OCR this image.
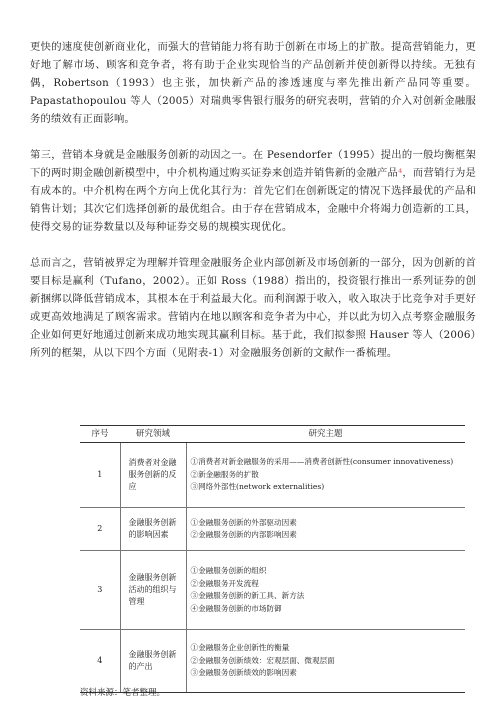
更快的速度使创新商业化，而强大的营销能力将有助于创新在市场上的扩散。提高营销能力，更好地了解市场、顾客和竞争者，将有助于企业实现恰当的产品创新并使创新得以持续。无独有偶，Robertson（1993）也主张，加快新产品的渗透速度与率先推出新产品同等重要。Papastathopoulou 等人（2005）对瑞典零售银行服务的研究表明，营销的介入对创新金融服务的绩效有正面影响。

第三，营销本身就是金融服务创新的动因之一。在 Pesendorfer（1995）提出的一般均衡框架下的两时期金融创新模型中，中介机构通过购买证券来创造并销售新的金融产品⁴，而营销行为是有成本的。中介机构在两个方向上优化其行为：首先它们在创新既定的情况下选择最优的产品和销售计划；其次它们选择创新的最优组合。由于存在营销成本，金融中介将竭力创造新的工具，使得交易的证券数量以及每种证券交易的规模实现优化。

总而言之，营销被界定为理解并管理金融服务企业内部创新及市场创新的一部分，因为创新的首要目标是赢利（Tufano，2002）。正如 Ross（1988）指出的，投资银行推出一系列证券的创新捆绑以降低营销成本，其根本在于利益最大化。而利润源于收入，收入取决于比竞争对手更好或更高效地满足了顾客需求。营销内在地以顾客和竞争者为中心，并以此为切入点考察金融服务企业如何更好地通过创新来成功地实现其赢利目标。基于此，我们拟参照 Hauser 等人（2006）所列的框架，从以下四个方面（见附表-1）对金融服务创新的文献作一番梳理。

序号	研究领域	研究主题
1	消费者对金融服务创新的反应	①消费者对新金融服务的采用——消费者创新性(consumer innovativeness)
②新金融服务的扩散
③网络外部性(network externalities)

2	金融服务创新的影响因素	①金融服务创新的外部驱动因素
②金融服务创新的内部影响因素

3	金融服务创新活动的组织与管理	①金融服务创新的组织
②金融服务开发流程
③金融服务创新的新工具、新方法
④金融服务创新的市场防御

4	金融服务创新的产出	①金融服务企业创新性的衡量
②金融服务创新绩效：宏观层面、微观层面
③金融服务创新绩效的影响因素

资料来源：笔者整理。
